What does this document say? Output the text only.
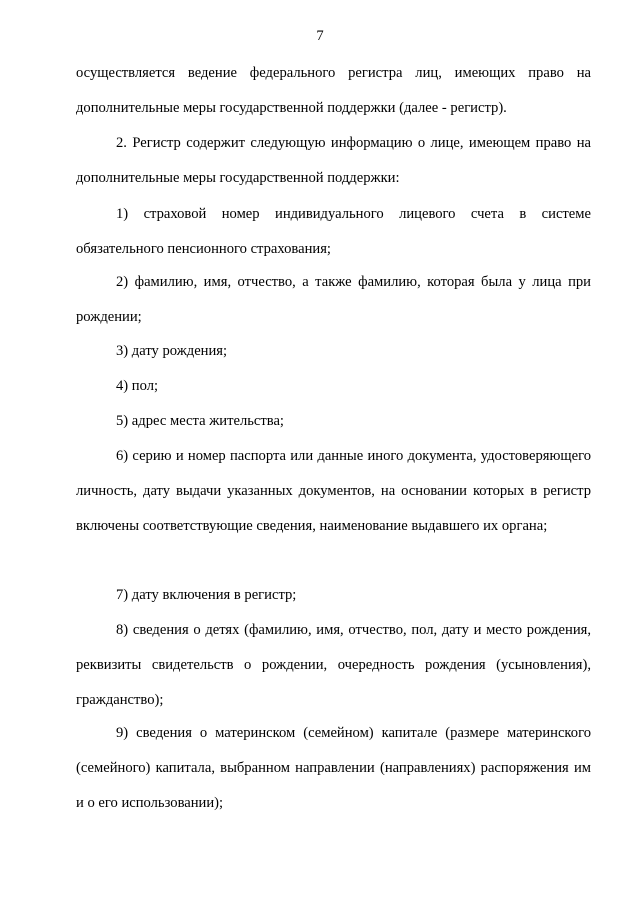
7

осуществляется ведение федерального регистра лиц, имеющих право на дополнительные меры государственной поддержки (далее - регистр).

2. Регистр содержит следующую информацию о лице, имеющем право на дополнительные меры государственной поддержки:

1) страховой номер индивидуального лицевого счета в системе обязательного пенсионного страхования;

2) фамилию, имя, отчество, а также фамилию, которая была у лица при рождении;

3) дату рождения;

4) пол;

5) адрес места жительства;

6) серию и номер паспорта или данные иного документа, удостоверяющего личность, дату выдачи указанных документов, на основании которых в регистр включены соответствующие сведения, наименование выдавшего их органа;

7) дату включения в регистр;

8) сведения о детях (фамилию, имя, отчество, пол, дату и место рождения, реквизиты свидетельств о рождении, очередность рождения (усыновления), гражданство);

9) сведения о материнском (семейном) капитале (размере материнского (семейного) капитала, выбранном направлении (направлениях) распоряжения им и о его использовании);
